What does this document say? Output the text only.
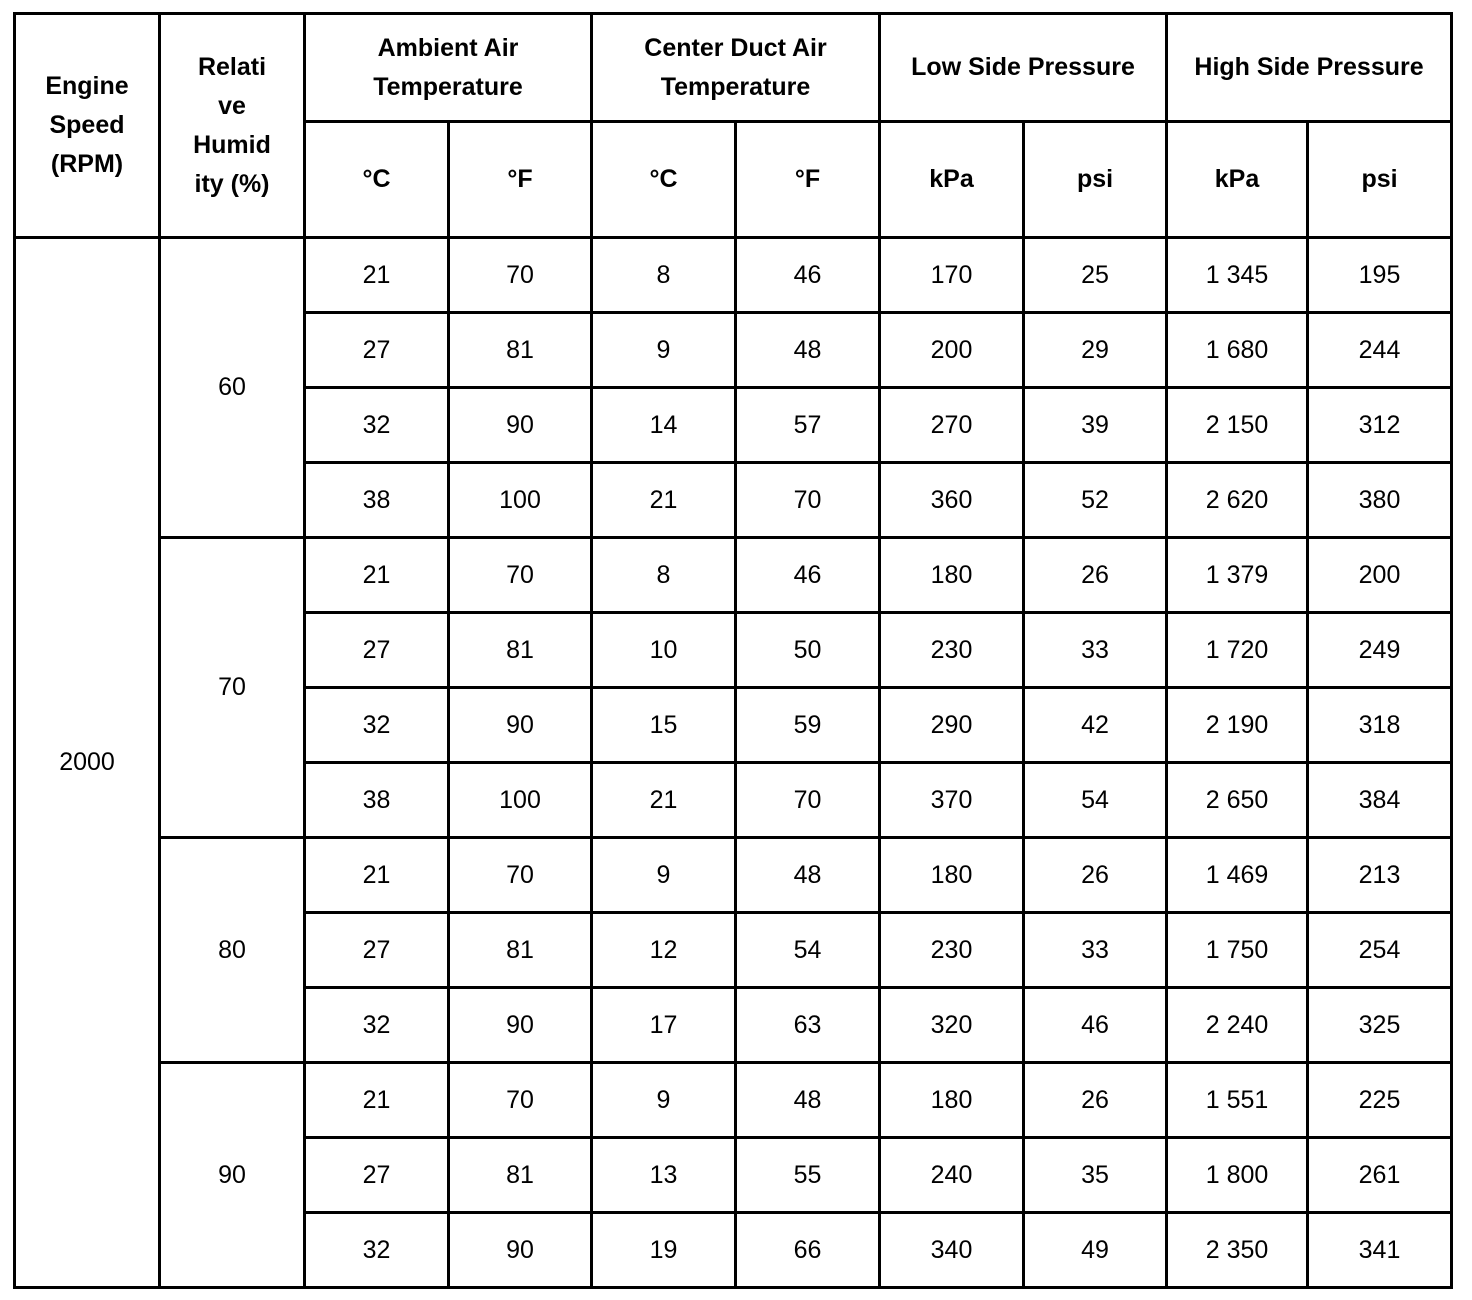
Engine Speed (RPM)	Relati
ve
Humid
ity (%)	Ambient Air Temperature		Center Duct Air Temperature		Low Side Pressure		High Side Pressure	
		°C	°F	°C	°F	kPa	psi	kPa	psi
2000	60	21	70	8	46	170	25	1 345	195
		27	81	9	48	200	29	1 680	244
		32	90	14	57	270	39	2 150	312
		38	100	21	70	360	52	2 620	380
	70	21	70	8	46	180	26	1 379	200
		27	81	10	50	230	33	1 720	249
		32	90	15	59	290	42	2 190	318
		38	100	21	70	370	54	2 650	384
	80	21	70	9	48	180	26	1 469	213
		27	81	12	54	230	33	1 750	254
		32	90	17	63	320	46	2 240	325
	90	21	70	9	48	180	26	1 551	225
		27	81	13	55	240	35	1 800	261
		32	90	19	66	340	49	2 350	341
